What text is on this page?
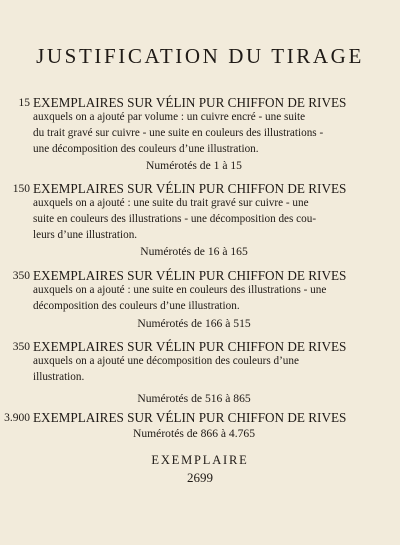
JUSTIFICATION DU TIRAGE
15 EXEMPLAIRES SUR VÉLIN PUR CHIFFON DE RIVES
auxquels on a ajouté par volume : un cuivre encré - une suite
du trait gravé sur cuivre - une suite en couleurs des illustrations -
une décomposition des couleurs d’une illustration.
Numérotés de 1 à 15
150 EXEMPLAIRES SUR VÉLIN PUR CHIFFON DE RIVES
auxquels on a ajouté : une suite du trait gravé sur cuivre - une
suite en couleurs des illustrations - une décomposition des cou-
leurs d’une illustration.
Numérotés de 16 à 165
350 EXEMPLAIRES SUR VÉLIN PUR CHIFFON DE RIVES
auxquels on a ajouté : une suite en couleurs des illustrations - une
décomposition des couleurs d’une illustration.
Numérotés de 166 à 515
350 EXEMPLAIRES SUR VÉLIN PUR CHIFFON DE RIVES
auxquels on a ajouté une décomposition des couleurs d’une
illustration.
Numérotés de 516 à 865
3.900 EXEMPLAIRES SUR VÉLIN PUR CHIFFON DE RIVES
Numérotés de 866 à 4.765
EXEMPLAIRE
2699
